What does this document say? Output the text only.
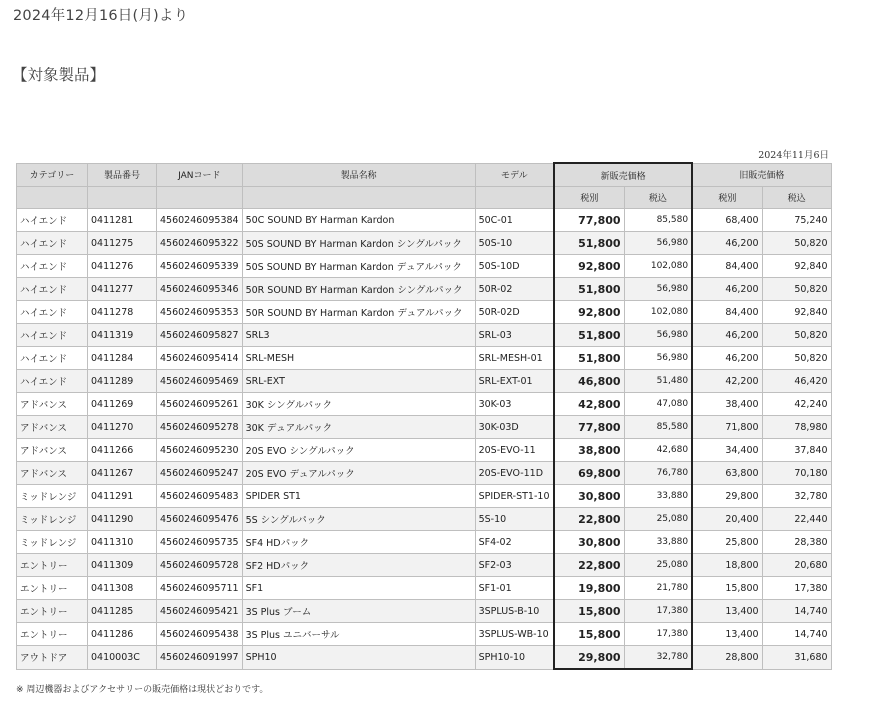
2024年12月16日(月)より
【対象製品】
2024年11月6日
カテゴリー	製品番号	JANコード	製品名称	モデル	新販売価格		旧販売価格	
					税別	税込	税別	税込
ハイエンド	0411281	4560246095384	50C SOUND BY Harman Kardon	50C-01	77,800	85,580	68,400	75,240
ハイエンド	0411275	4560246095322	50S SOUND BY Harman Kardon シングルパック	50S-10	51,800	56,980	46,200	50,820
ハイエンド	0411276	4560246095339	50S SOUND BY Harman Kardon デュアルパック	50S-10D	92,800	102,080	84,400	92,840
ハイエンド	0411277	4560246095346	50R SOUND BY Harman Kardon シングルパック	50R-02	51,800	56,980	46,200	50,820
ハイエンド	0411278	4560246095353	50R SOUND BY Harman Kardon デュアルパック	50R-02D	92,800	102,080	84,400	92,840
ハイエンド	0411319	4560246095827	SRL3	SRL-03	51,800	56,980	46,200	50,820
ハイエンド	0411284	4560246095414	SRL-MESH	SRL-MESH-01	51,800	56,980	46,200	50,820
ハイエンド	0411289	4560246095469	SRL-EXT	SRL-EXT-01	46,800	51,480	42,200	46,420
アドバンス	0411269	4560246095261	30K シングルパック	30K-03	42,800	47,080	38,400	42,240
アドバンス	0411270	4560246095278	30K デュアルパック	30K-03D	77,800	85,580	71,800	78,980
アドバンス	0411266	4560246095230	20S EVO シングルパック	20S-EVO-11	38,800	42,680	34,400	37,840
アドバンス	0411267	4560246095247	20S EVO デュアルパック	20S-EVO-11D	69,800	76,780	63,800	70,180
ミッドレンジ	0411291	4560246095483	SPIDER ST1	SPIDER-ST1-10	30,800	33,880	29,800	32,780
ミッドレンジ	0411290	4560246095476	5S シングルパック	5S-10	22,800	25,080	20,400	22,440
ミッドレンジ	0411310	4560246095735	SF4 HDパック	SF4-02	30,800	33,880	25,800	28,380
エントリー	0411309	4560246095728	SF2 HDパック	SF2-03	22,800	25,080	18,800	20,680
エントリー	0411308	4560246095711	SF1	SF1-01	19,800	21,780	15,800	17,380
エントリー	0411285	4560246095421	3S Plus ブーム	3SPLUS-B-10	15,800	17,380	13,400	14,740
エントリー	0411286	4560246095438	3S Plus ユニバーサル	3SPLUS-WB-10	15,800	17,380	13,400	14,740
アウトドア	0410003C	4560246091997	SPH10	SPH10-10	29,800	32,780	28,800	31,680
※ 周辺機器およびアクセサリーの販売価格は現状どおりです。
